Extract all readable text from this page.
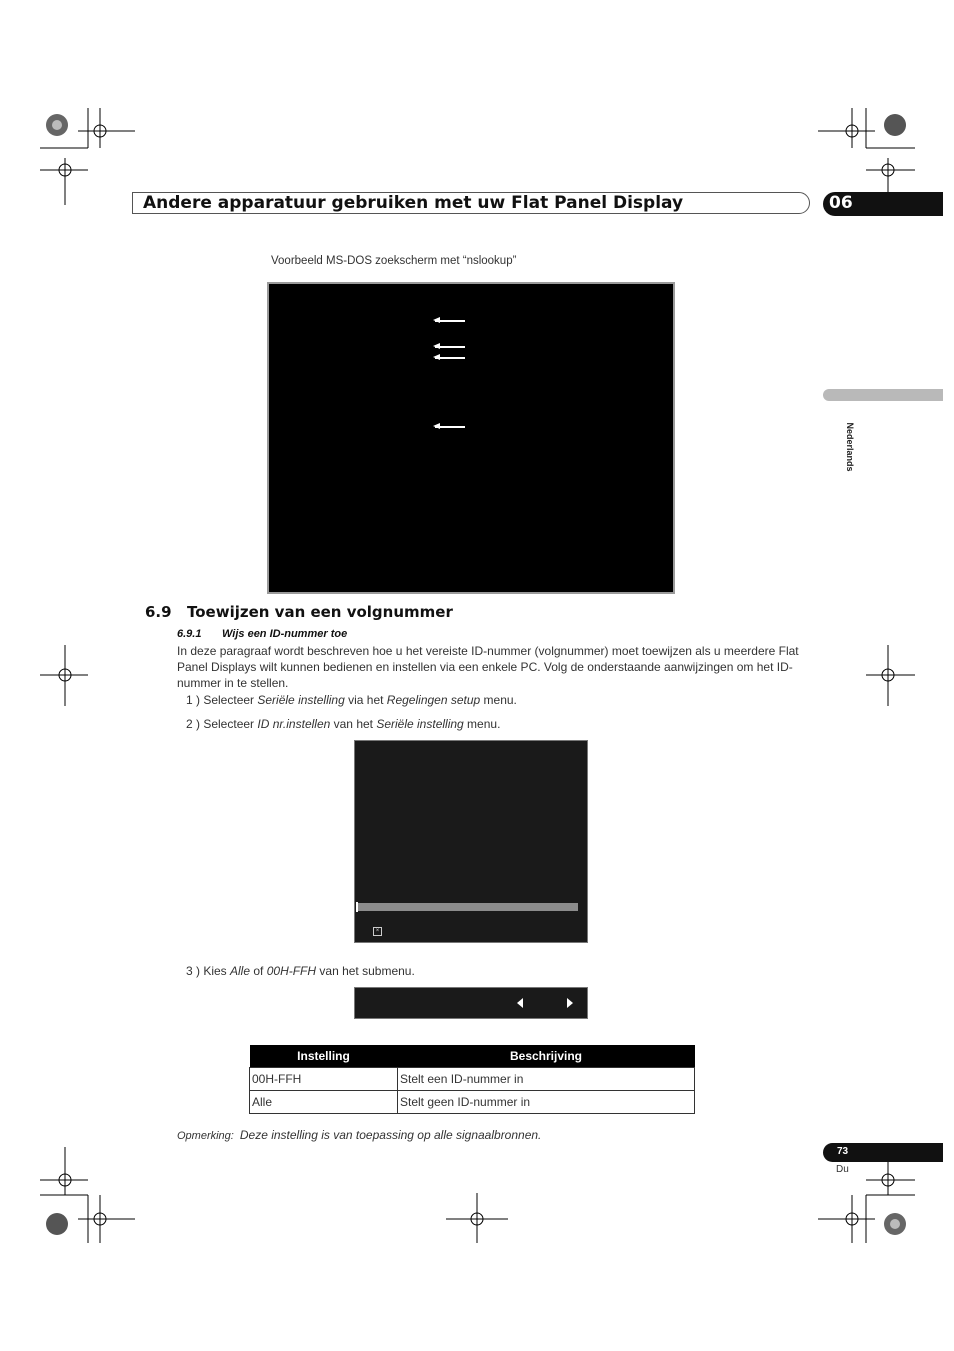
Andere apparatuur gebruiken met uw Flat Panel Display	06
Nederlands
Voorbeeld MS-DOS zoekscherm met “nslookup”
6.9 Toewijzen van een volgnummer
6.9.1 Wijs een ID-nummer toe
In deze paragraaf wordt beschreven hoe u het vereiste ID-nummer (volgnummer) moet toewijzen als u meerdere Flat Panel Displays wilt kunnen bedienen en instellen via een enkele PC. Volg de onderstaande aanwijzingen om het ID-nummer in te stellen.
1 ) Selecteer Seriële instelling via het Regelingen setup menu.
2 ) Selecteer ID nr.instellen van het Seriële instelling menu.
×
3 ) Kies Alle of 00H-FFH van het submenu.
Instelling	Beschrijving
00H-FFH	Stelt een ID-nummer in
Alle	Stelt geen ID-nummer in
Opmerking: Deze instelling is van toepassing op alle signaalbronnen.
73
Du
